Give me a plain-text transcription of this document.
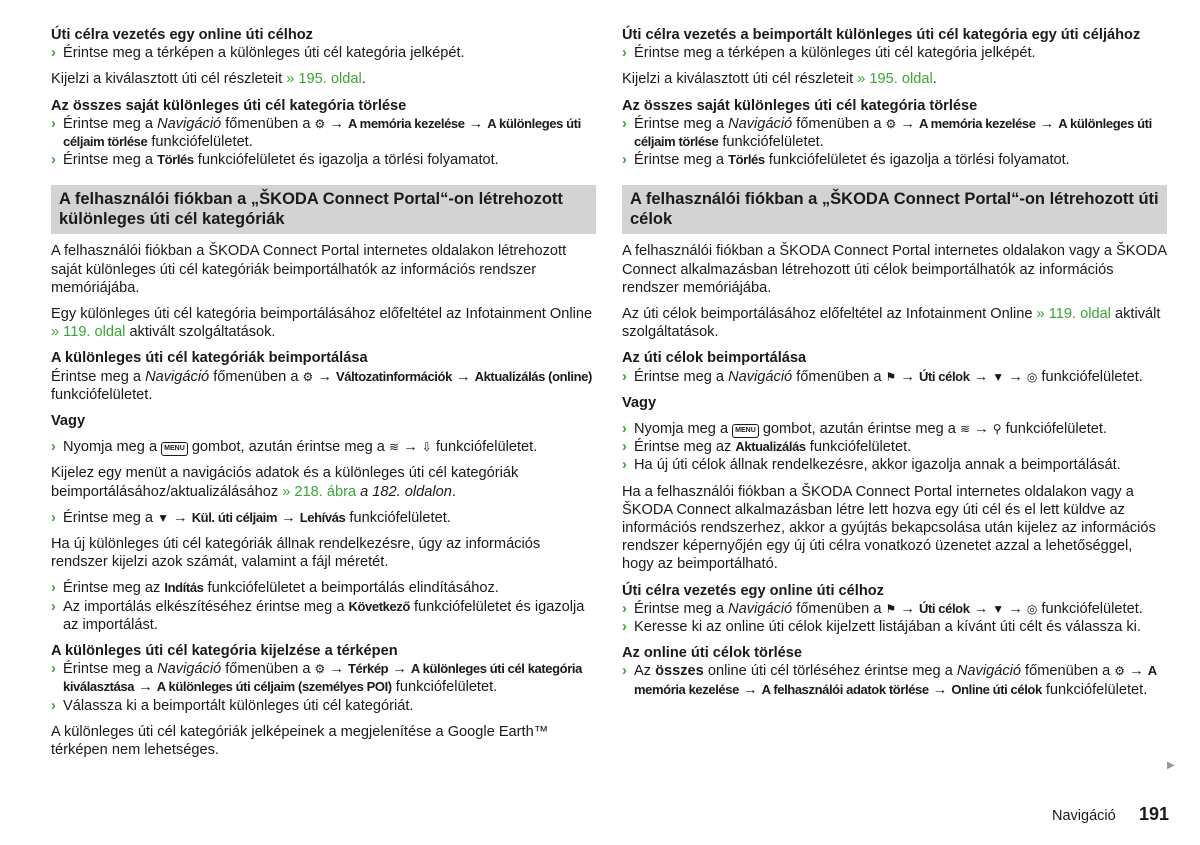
Úti célra vezetés egy online úti célhoz

› Érintse meg a térképen a különleges úti cél kategória jelképét.

Kijelzi a kiválasztott úti cél részleteit » 195. oldal.

Az összes saját különleges úti cél kategória törlése

› Érintse meg a Navigáció főmenüben a ⚙ → A memória kezelése → A különleges úti céljaim törlése funkciófelületet.

› Érintse meg a Törlés funkciófelületet és igazolja a törlési folyamatot.

A felhasználói fiókban a „ŠKODA Connect Portal“-on létrehozott különleges úti cél kategóriák

A felhasználói fiókban a ŠKODA Connect Portal internetes oldalakon létrehozott saját különleges úti cél kategóriák beimportálhatók az információs rendszer memóriájába.

Egy különleges úti cél kategória beimportálásához előfeltétel az Infotainment Online » 119. oldal aktivált szolgáltatások.

A különleges úti cél kategóriák beimportálása

Érintse meg a Navigáció főmenüben a ⚙ → Változatinformációk → Aktualizálás (online) funkciófelületet.

Vagy

› Nyomja meg a MENU gombot, azután érintse meg a ≋ → ⇩ funkciófelületet.

Kijelez egy menüt a navigációs adatok és a különleges úti cél kategóriák beimportálásához/aktualizálásához » 218. ábra a 182. oldalon.

› Érintse meg a ▼ → Kül. úti céljaim → Lehívás funkciófelületet.

Ha új különleges úti cél kategóriák állnak rendelkezésre, úgy az információs rendszer kijelzi azok számát, valamint a fájl méretét.

› Érintse meg az Indítás funkciófelületet a beimportálás elindításához.

› Az importálás elkészítéséhez érintse meg a Következő funkciófelületet és igazolja az importálást.

A különleges úti cél kategória kijelzése a térképen

› Érintse meg a Navigáció főmenüben a ⚙ → Térkép → A különleges úti cél kategória kiválasztása → A különleges úti céljaim (személyes POI) funkciófelületet.

› Válassza ki a beimportált különleges úti cél kategóriát.

A különleges úti cél kategóriák jelképeinek a megjelenítése a Google Earth™ térképen nem lehetséges.

Úti célra vezetés a beimportált különleges úti cél kategória egy úti céljához

› Érintse meg a térképen a különleges úti cél kategória jelképét.

Kijelzi a kiválasztott úti cél részleteit » 195. oldal.

Az összes saját különleges úti cél kategória törlése

› Érintse meg a Navigáció főmenüben a ⚙ → A memória kezelése → A különleges úti céljaim törlése funkciófelületet.

› Érintse meg a Törlés funkciófelületet és igazolja a törlési folyamatot.

A felhasználói fiókban a „ŠKODA Connect Portal“-on létrehozott úti célok

A felhasználói fiókban a ŠKODA Connect Portal internetes oldalakon vagy a ŠKODA Connect alkalmazásban létrehozott úti célok beimportálhatók az információs rendszer memóriájába.

Az úti célok beimportálásához előfeltétel az Infotainment Online » 119. oldal aktivált szolgáltatások.

Az úti célok beimportálása

› Érintse meg a Navigáció főmenüben a ⚑ → Úti célok → ▼ → ◎ funkciófelületet.

Vagy

› Nyomja meg a MENU gombot, azután érintse meg a ≋ → ⚲ funkciófelületet.

› Érintse meg az Aktualizálás funkciófelületet.

› Ha új úti célok állnak rendelkezésre, akkor igazolja annak a beimportálását.

Ha a felhasználói fiókban a ŠKODA Connect Portal internetes oldalakon vagy a ŠKODA Connect alkalmazásban létre lett hozva egy úti cél és el lett küldve az információs rendszerhez, akkor a gyújtás bekapcsolása után kijelez az információs rendszer képernyőjén egy új úti célra vonatkozó üzenetet azzal a lehetőséggel, hogy az beimportálható.

Úti célra vezetés egy online úti célhoz

› Érintse meg a Navigáció főmenüben a ⚑ → Úti célok → ▼ → ◎ funkciófelületet.

› Keresse ki az online úti célok kijelzett listájában a kívánt úti célt és válassza ki.

Az online úti célok törlése

› Az összes online úti cél törléséhez érintse meg a Navigáció főmenüben a ⚙ → A memória kezelése → A felhasználói adatok törlése → Online úti célok funkciófelületet.

▶
Navigáció 191
